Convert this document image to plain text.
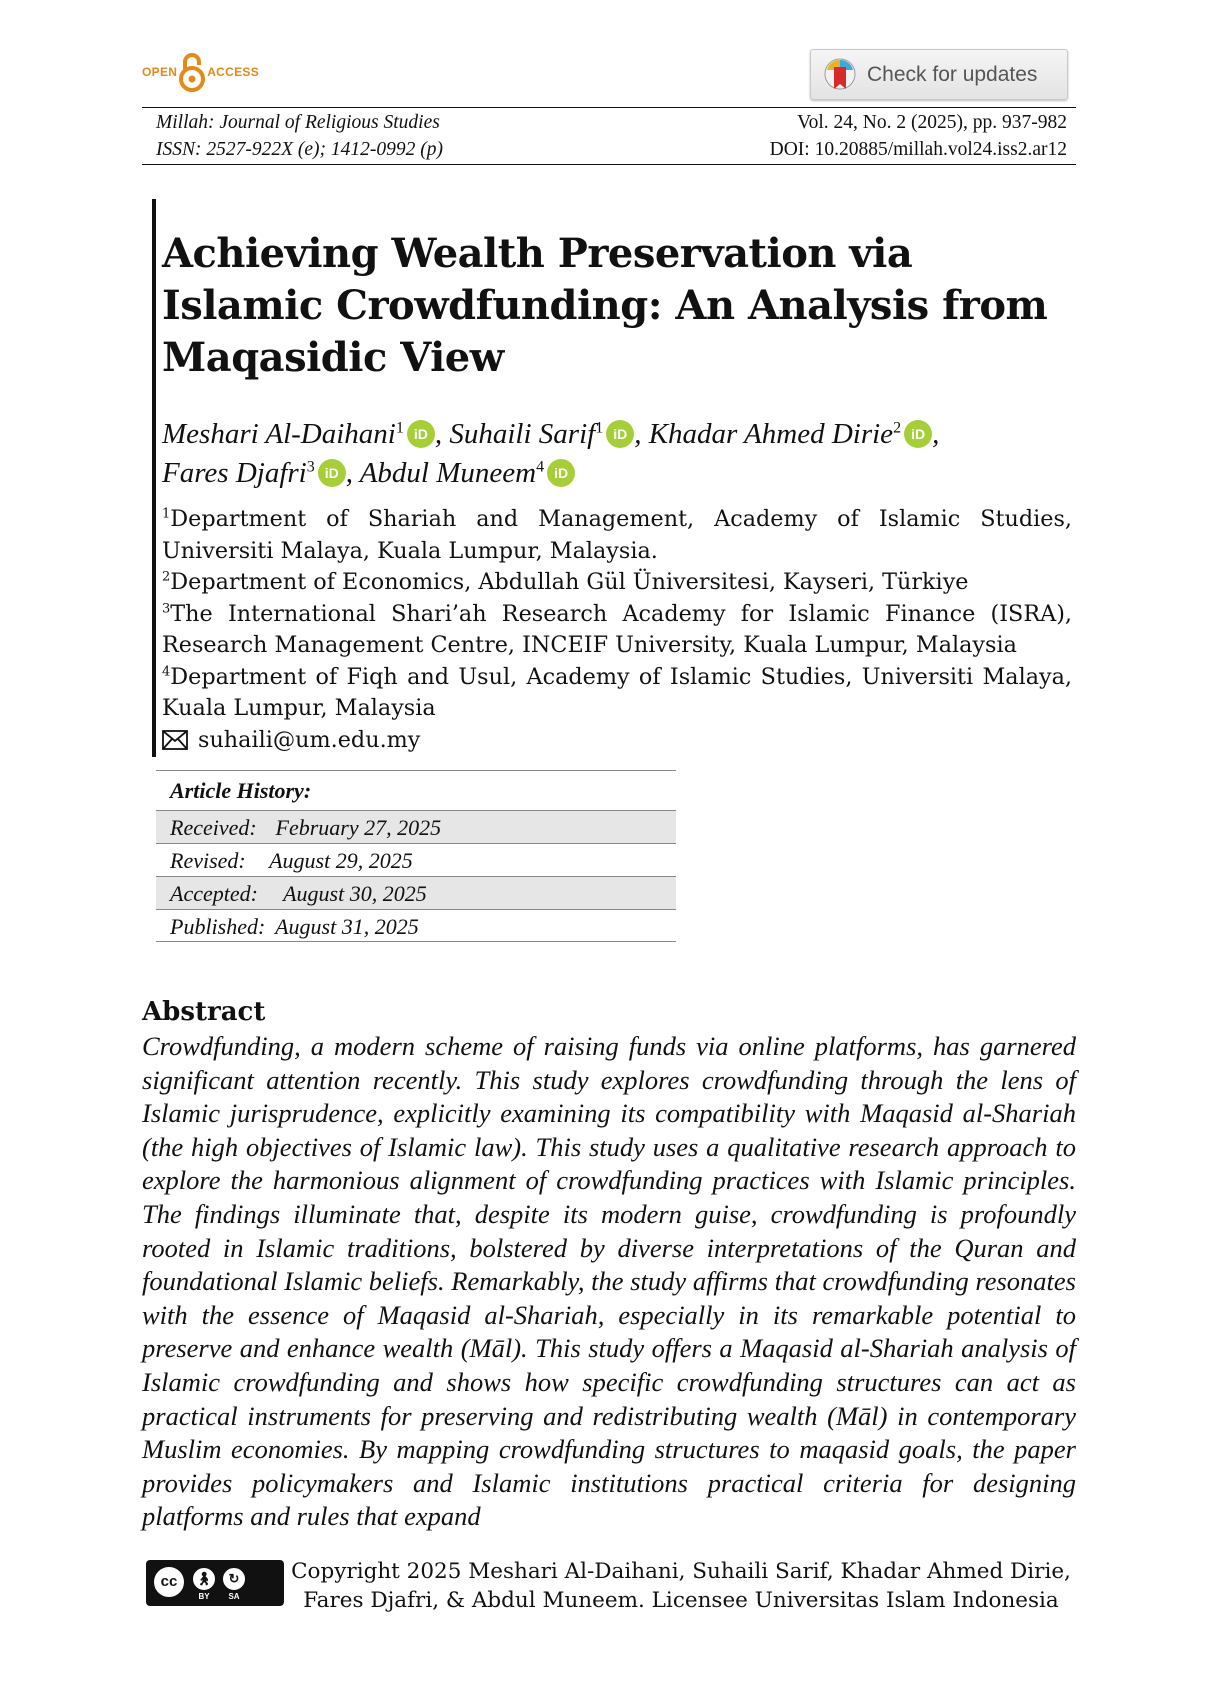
OPEN	ACCESS	Check for updates
Millah: Journal of Religious Studies
ISSN: 2527-922X (e); 1412-0992 (p)
Vol. 24, No. 2 (2025), pp. 937-982
DOI: 10.20885/millah.vol24.iss2.ar12
Achieving Wealth Preservation via Islamic Crowdfunding: An Analysis from Maqasidic View
Meshari Al-Daihani$^1$ iD , Suhaili Sarif$^1$ iD , Khadar Ahmed Dirie$^2$ iD ,
Fares Djafri$^3$ iD , Abdul Muneem$^4$ iD

$^1$Department of Shariah and Management, Academy of Islamic Studies, Universiti Malaya, Kuala Lumpur, Malaysia.

$^2$Department of Economics, Abdullah Gül Üniversitesi, Kayseri, Türkiye

$^3$The International Shari’ah Research Academy for Islamic Finance (ISRA), Research Management Centre, INCEIF University, Kuala Lumpur, Malaysia

$^4$Department of Fiqh and Usul, Academy of Islamic Studies, Universiti Malaya, Kuala Lumpur, Malaysia

suhaili@um.edu.my

Article History:
Received: February 27, 2025
Revised: August 29, 2025
Accepted: August 30, 2025
Published: August 31, 2025
Abstract

Crowdfunding, a modern scheme of raising funds via online platforms, has garnered significant attention recently. This study explores crowdfunding through the lens of Islamic jurisprudence, explicitly examining its compatibility with Maqasid al-Shariah (the high objectives of Islamic law). This study uses a qualitative research approach to explore the harmonious alignment of crowdfunding practices with Islamic principles. The findings illuminate that, despite its modern guise, crowdfunding is profoundly rooted in Islamic traditions, bolstered by diverse interpretations of the Quran and foundational Islamic beliefs. Remarkably, the study affirms that crowdfunding resonates with the essence of Maqasid al-Shariah, especially in its remarkable potential to preserve and enhance wealth (Māl). This study offers a Maqasid al-Shariah analysis of Islamic crowdfunding and shows how specific crowdfunding structures can act as practical instruments for preserving and redistributing wealth (Māl) in contemporary Muslim economies. By mapping crowdfunding structures to maqasid goals, the paper provides policymakers and Islamic institutions practical criteria for designing platforms and rules that expand

cc	🚶︎
BY
↻
SA

Copyright 2025 Meshari Al-Daihani, Suhaili Sarif, Khadar Ahmed Dirie, Fares Djafri, & Abdul Muneem. Licensee Universitas Islam Indonesia
